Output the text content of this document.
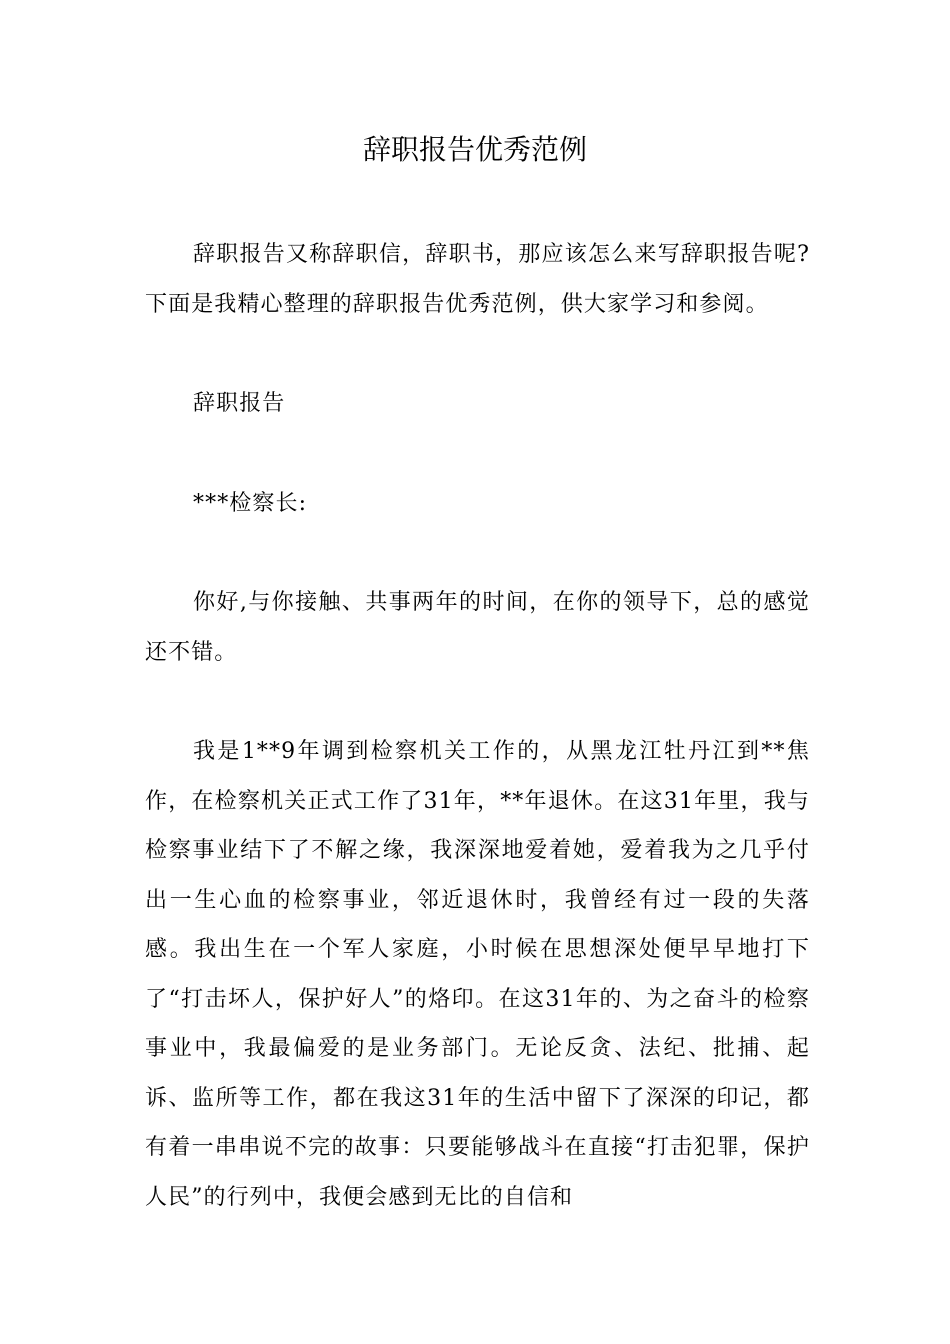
辞职报告优秀范例

辞职报告又称辞职信，辞职书，那应该怎么来写辞职报告呢?下面是我精心整理的辞职报告优秀范例，供大家学习和参阅。

辞职报告

***检察长:

你好,与你接触、共事两年的时间，在你的领导下，总的感觉还不错。

我是1**9年调到检察机关工作的，从黑龙江牡丹江到**焦作，在检察机关正式工作了31年，**年退休。在这31年里，我与检察事业结下了不解之缘，我深深地爱着她，爱着我为之几乎付出一生心血的检察事业，邻近退休时，我曾经有过一段的失落感。我出生在一个军人家庭，小时候在思想深处便早早地打下了“打击坏人，保护好人”的烙印。在这31年的、为之奋斗的检察事业中，我最偏爱的是业务部门。无论反贪、法纪、批捕、起诉、监所等工作，都在我这31年的生活中留下了深深的印记，都有着一串串说不完的故事：只要能够战斗在直接“打击犯罪，保护人民”的行列中，我便会感到无比的自信和
